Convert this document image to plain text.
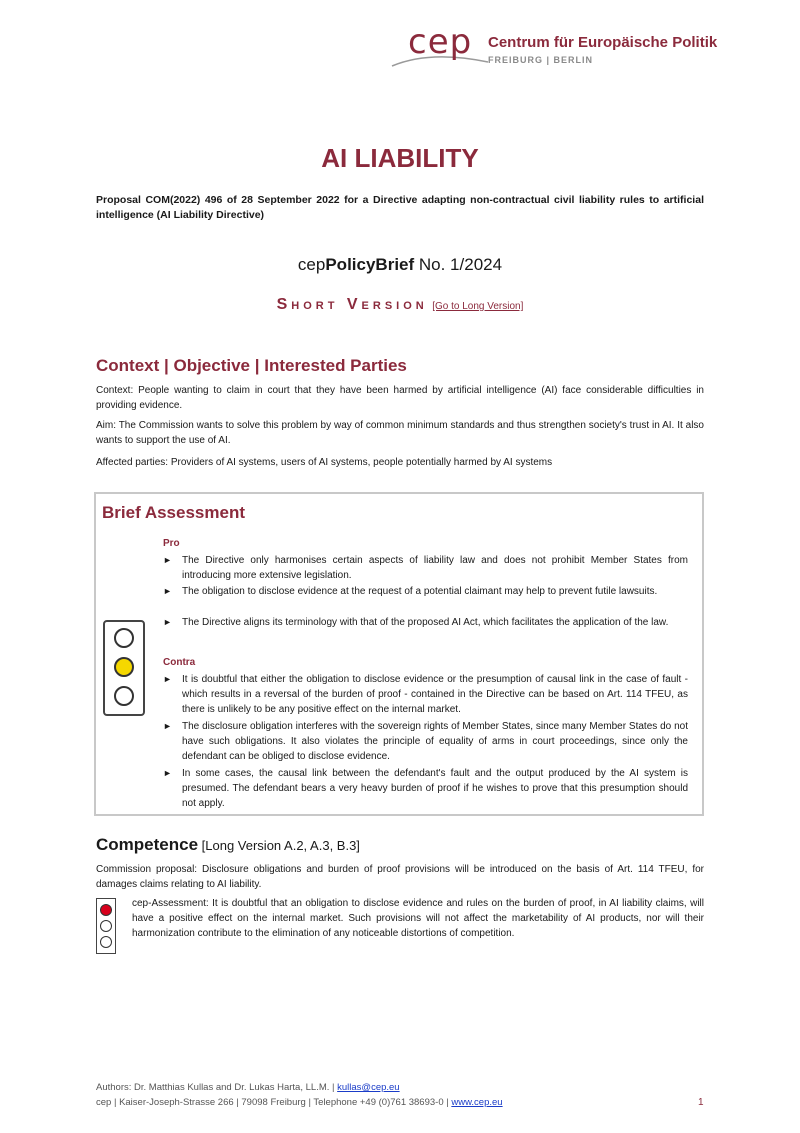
cep Centrum für Europäische Politik
FREIBURG | BERLIN
AI LIABILITY
Proposal COM(2022) 496 of 28 September 2022 for a Directive adapting non-contractual civil liability rules to artificial intelligence (AI Liability Directive)
cepPolicyBrief No. 1/2024
Short Version [Go to Long Version]
Context | Objective | Interested Parties
Context: People wanting to claim in court that they have been harmed by artificial intelligence (AI) face considerable difficulties in providing evidence.
Aim: The Commission wants to solve this problem by way of common minimum standards and thus strengthen society's trust in AI. It also wants to support the use of AI.
Affected parties: Providers of AI systems, users of AI systems, people potentially harmed by AI systems
Brief Assessment
Pro
► The Directive only harmonises certain aspects of liability law and does not prohibit Member States from introducing more extensive legislation.
► The obligation to disclose evidence at the request of a potential claimant may help to prevent futile lawsuits.
► The Directive aligns its terminology with that of the proposed AI Act, which facilitates the application of the law.
Contra
► It is doubtful that either the obligation to disclose evidence or the presumption of causal link in the case of fault - which results in a reversal of the burden of proof - contained in the Directive can be based on Art. 114 TFEU, as there is unlikely to be any positive effect on the internal market.
► The disclosure obligation interferes with the sovereign rights of Member States, since many Member States do not have such obligations. It also violates the principle of equality of arms in court proceedings, since only the defendant can be obliged to disclose evidence.
► In some cases, the causal link between the defendant's fault and the output produced by the AI system is presumed. The defendant bears a very heavy burden of proof if he wishes to prove that this presumption should not apply.
Competence [Long Version A.2, A.3, B.3]
Commission proposal: Disclosure obligations and burden of proof provisions will be introduced on the basis of Art. 114 TFEU, for damages claims relating to AI liability.
cep-Assessment: It is doubtful that an obligation to disclose evidence and rules on the burden of proof, in AI liability claims, will have a positive effect on the internal market. Such provisions will not affect the marketability of AI products, nor will their harmonization contribute to the elimination of any noticeable distortions of competition.
Authors: Dr. Matthias Kullas and Dr. Lukas Harta, LL.M. | kullas@cep.eu
cep | Kaiser-Joseph-Strasse 266 | 79098 Freiburg | Telephone +49 (0)761 38693-0 | www.cep.eu	1
